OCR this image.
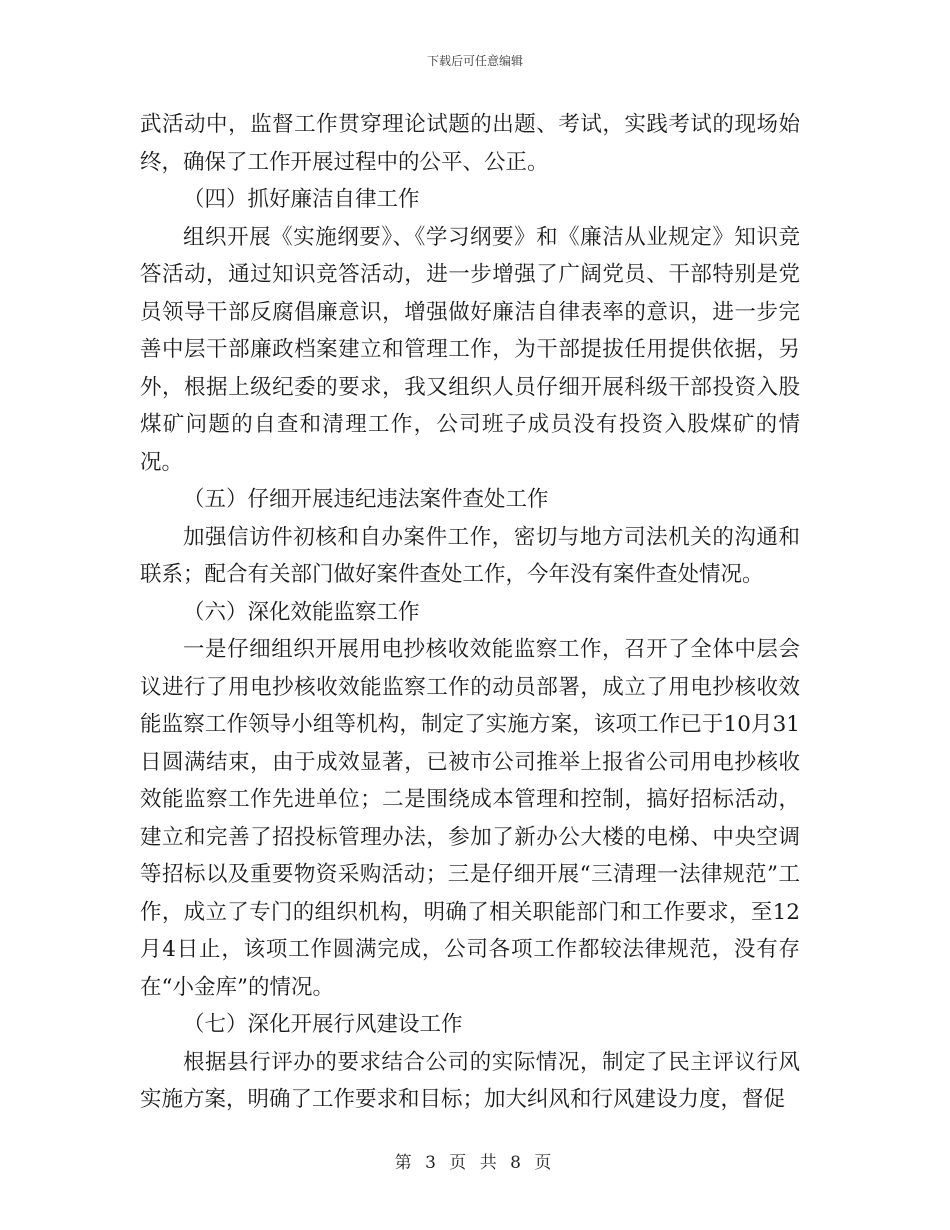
下载后可任意编辑

武活动中，监督工作贯穿理论试题的出题、考试，实践考试的现场始终，确保了工作开展过程中的公平、公正。

（四）抓好廉洁自律工作

组织开展《实施纲要》、《学习纲要》和《廉洁从业规定》知识竞答活动，通过知识竞答活动，进一步增强了广阔党员、干部特别是党员领导干部反腐倡廉意识，增强做好廉洁自律表率的意识，进一步完善中层干部廉政档案建立和管理工作，为干部提拔任用提供依据，另外，根据上级纪委的要求，我又组织人员仔细开展科级干部投资入股煤矿问题的自查和清理工作，公司班子成员没有投资入股煤矿的情况。

（五）仔细开展违纪违法案件查处工作

加强信访件初核和自办案件工作，密切与地方司法机关的沟通和联系；配合有关部门做好案件查处工作，今年没有案件查处情况。

（六）深化效能监察工作

一是仔细组织开展用电抄核收效能监察工作，召开了全体中层会议进行了用电抄核收效能监察工作的动员部署，成立了用电抄核收效能监察工作领导小组等机构，制定了实施方案，该项工作已于10月31日圆满结束，由于成效显著，已被市公司推举上报省公司用电抄核收效能监察工作先进单位；二是围绕成本管理和控制，搞好招标活动，建立和完善了招投标管理办法，参加了新办公大楼的电梯、中央空调等招标以及重要物资采购活动；三是仔细开展“三清理一法律规范”工作，成立了专门的组织机构，明确了相关职能部门和工作要求，至12月4日止，该项工作圆满完成，公司各项工作都较法律规范，没有存在“小金库”的情况。

（七）深化开展行风建设工作

根据县行评办的要求结合公司的实际情况，制定了民主评议行风实施方案，明确了工作要求和目标；加大纠风和行风建设力度，督促

第 3 页 共 8 页
